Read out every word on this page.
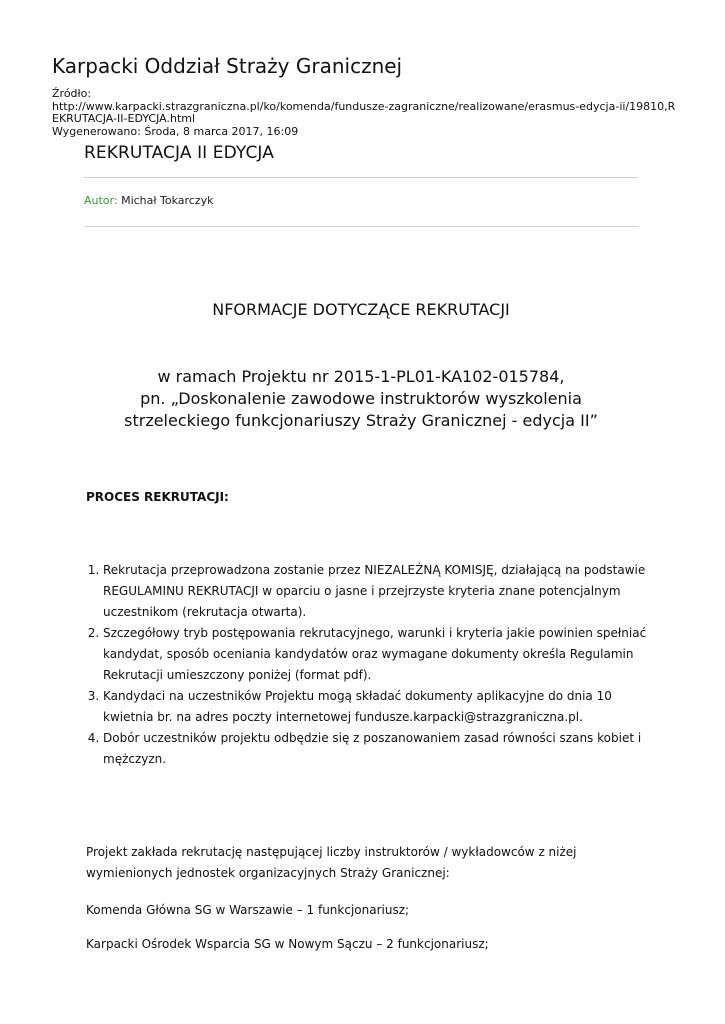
Karpacki Oddział Straży Granicznej
Źródło:
http://www.karpacki.strazgraniczna.pl/ko/komenda/fundusze-zagraniczne/realizowane/erasmus-edycja-ii/19810,REKRUTACJA-II-EDYCJA.html
Wygenerowano: Środa, 8 marca 2017, 16:09
REKRUTACJA II EDYCJA
Autor: Michał Tokarczyk
NFORMACJE DOTYCZĄCE REKRUTACJI
w ramach Projektu nr 2015-1-PL01-KA102-015784,
pn. „Doskonalenie zawodowe instruktorów wyszkolenia
strzeleckiego funkcjonariuszy Straży Granicznej - edycja II”
PROCES REKRUTACJI:
1. Rekrutacja przeprowadzona zostanie przez NIEZALEŻNĄ KOMISJĘ, działającą na podstawie REGULAMINU REKRUTACJI w oparciu o jasne i przejrzyste kryteria znane potencjalnym uczestnikom (rekrutacja otwarta).
2. Szczegółowy tryb postępowania rekrutacyjnego, warunki i kryteria jakie powinien spełniać kandydat, sposób oceniania kandydatów oraz wymagane dokumenty określa Regulamin Rekrutacji umieszczony poniżej (format pdf).
3. Kandydaci na uczestników Projektu mogą składać dokumenty aplikacyjne do dnia 10 kwietnia br. na adres poczty internetowej fundusze.karpacki@strazgraniczna.pl.
4. Dobór uczestników projektu odbędzie się z poszanowaniem zasad równości szans kobiet i mężczyzn.
Projekt zakłada rekrutację następującej liczby instruktorów / wykładowców z niżej wymienionych jednostek organizacyjnych Straży Granicznej:
Komenda Główna SG w Warszawie – 1 funkcjonariusz;
Karpacki Ośrodek Wsparcia SG w Nowym Sączu – 2 funkcjonariusz;
